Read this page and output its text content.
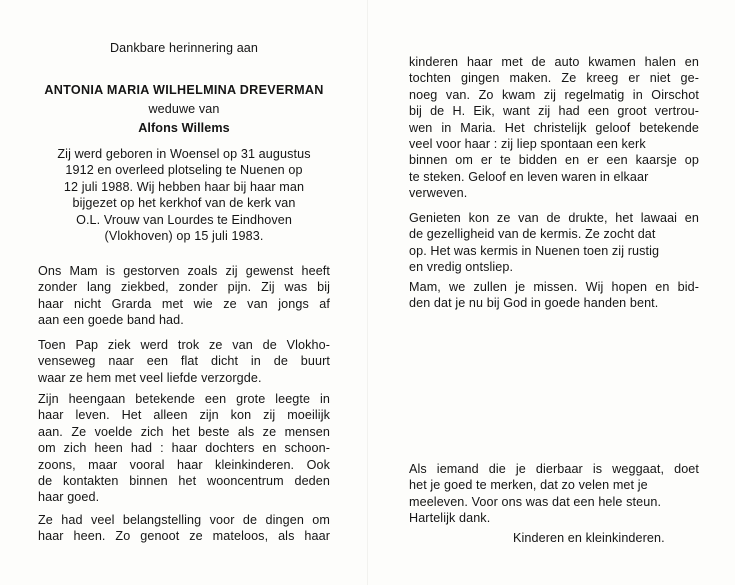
Dankbare herinnering aan
ANTONIA MARIA WILHELMINA DREVERMAN
weduwe van
Alfons Willems
Zij werd geboren in Woensel op 31 augustus
1912 en overleed plotseling te Nuenen op
12 juli 1988. Wij hebben haar bij haar man
bijgezet op het kerkhof van de kerk van
O.L. Vrouw van Lourdes te Eindhoven
(Vlokhoven) op 15 juli 1983.
Ons Mam is gestorven zoals zij gewenst heeft
zonder lang ziekbed, zonder pijn. Zij was bij
haar nicht Grarda met wie ze van jongs af
aan een goede band had.
Toen Pap ziek werd trok ze van de Vlokho-
venseweg naar een flat dicht in de buurt
waar ze hem met veel liefde verzorgde.
Zijn heengaan betekende een grote leegte in
haar leven. Het alleen zijn kon zij moeilijk
aan. Ze voelde zich het beste als ze mensen
om zich heen had : haar dochters en schoon-
zoons, maar vooral haar kleinkinderen. Ook
de kontakten binnen het wooncentrum deden
haar goed.
Ze had veel belangstelling voor de dingen om
haar heen. Zo genoot ze mateloos, als haar
kinderen haar met de auto kwamen halen en
tochten gingen maken. Ze kreeg er niet ge-
noeg van. Zo kwam zij regelmatig in Oirschot
bij de H. Eik, want zij had een groot vertrou-
wen in Maria. Het christelijk geloof betekende
veel voor haar : zij liep spontaan een kerk
binnen om er te bidden en er een kaarsje op
te steken. Geloof en leven waren in elkaar
verweven.
Genieten kon ze van de drukte, het lawaai en
de gezelligheid van de kermis. Ze zocht dat
op. Het was kermis in Nuenen toen zij rustig
en vredig ontsliep.
Mam, we zullen je missen. Wij hopen en bid-
den dat je nu bij God in goede handen bent.
Als iemand die je dierbaar is weggaat, doet
het je goed te merken, dat zo velen met je
meeleven. Voor ons was dat een hele steun.
Hartelijk dank.
Kinderen en kleinkinderen.
